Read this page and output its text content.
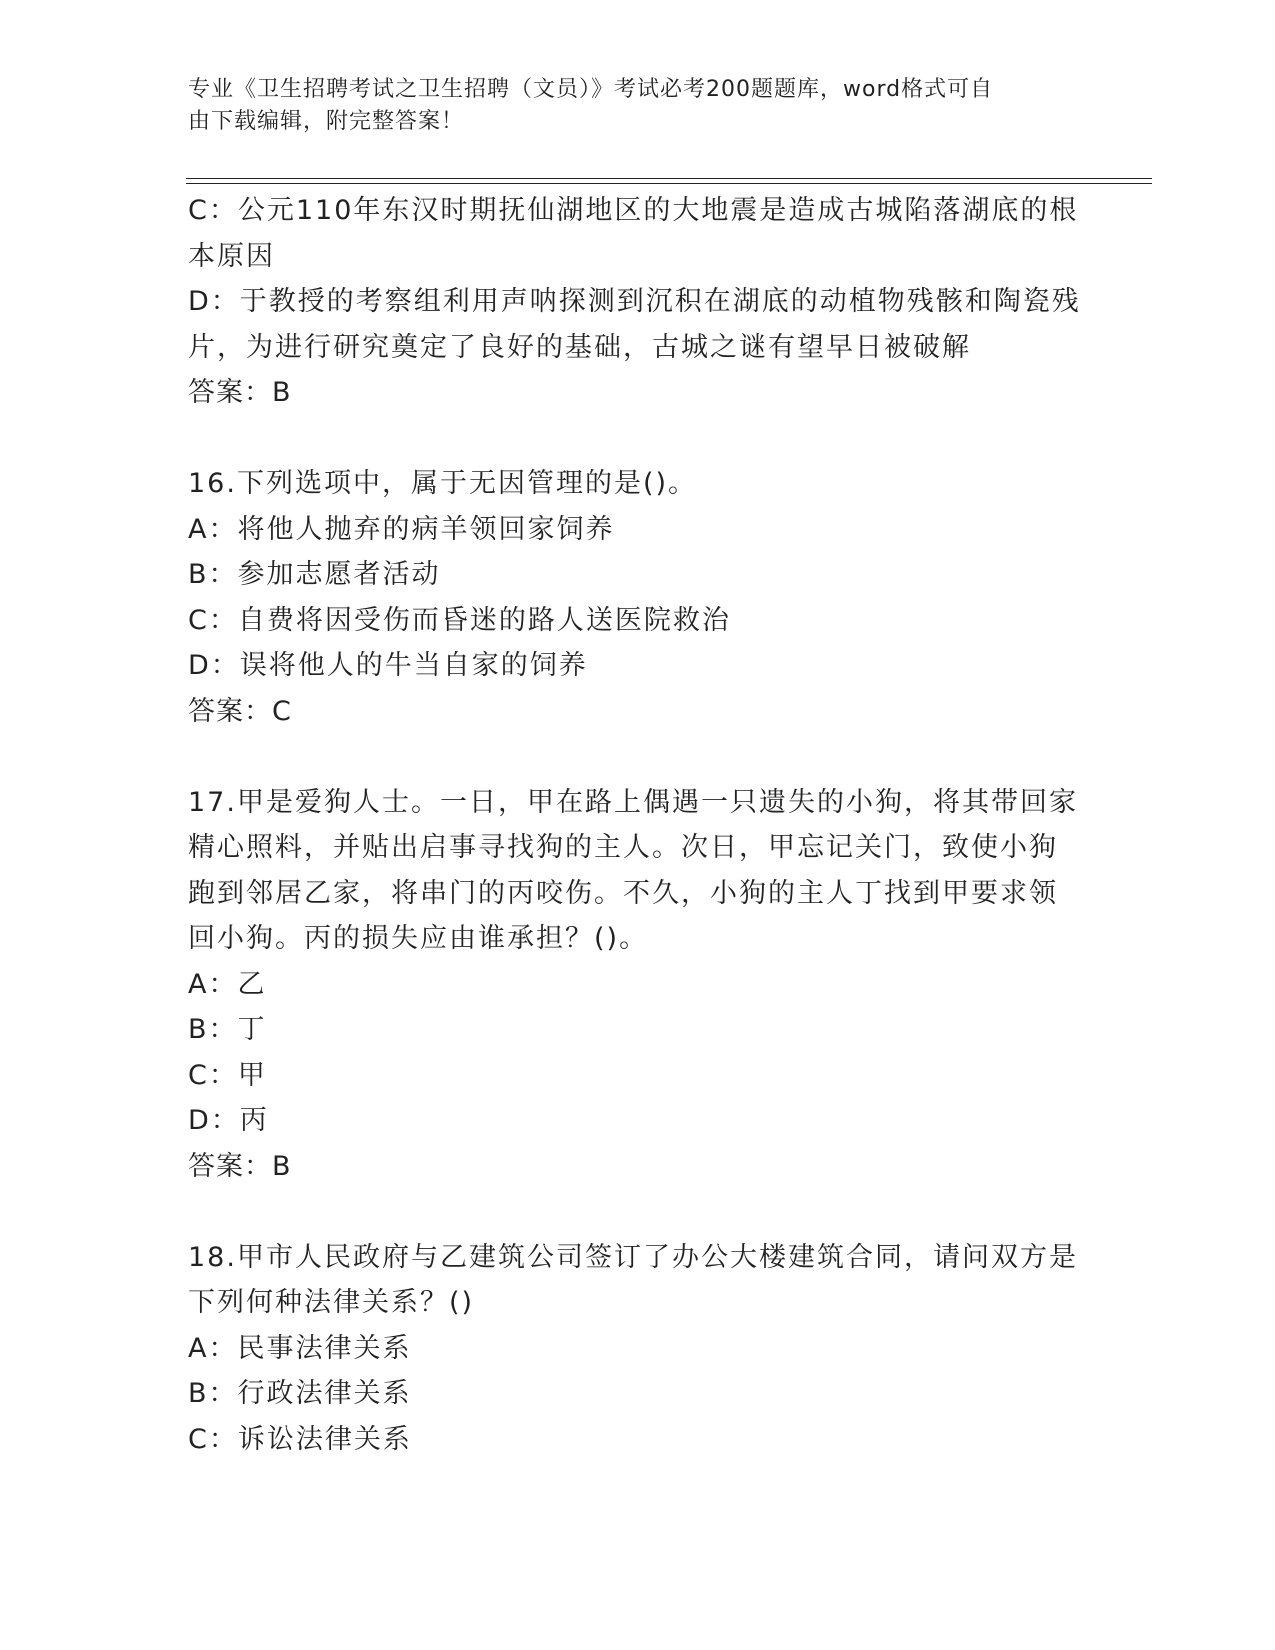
专业《卫生招聘考试之卫生招聘（文员）》考试必考200题题库，word格式可自
由下载编辑，附完整答案！
C：公元110年东汉时期抚仙湖地区的大地震是造成古城陷落湖底的根
本原因
D：于教授的考察组利用声呐探测到沉积在湖底的动植物残骸和陶瓷残
片，为进行研究奠定了良好的基础，古城之谜有望早日被破解
答案：B
16.下列选项中，属于无因管理的是()。
A：将他人抛弃的病羊领回家饲养
B：参加志愿者活动
C：自费将因受伤而昏迷的路人送医院救治
D：误将他人的牛当自家的饲养
答案：C
17.甲是爱狗人士。一日，甲在路上偶遇一只遗失的小狗，将其带回家
精心照料，并贴出启事寻找狗的主人。次日，甲忘记关门，致使小狗
跑到邻居乙家，将串门的丙咬伤。不久，小狗的主人丁找到甲要求领
回小狗。丙的损失应由谁承担？()。
A：乙
B：丁
C：甲
D：丙
答案：B
18.甲市人民政府与乙建筑公司签订了办公大楼建筑合同，请问双方是
下列何种法律关系？()
A：民事法律关系
B：行政法律关系
C：诉讼法律关系
